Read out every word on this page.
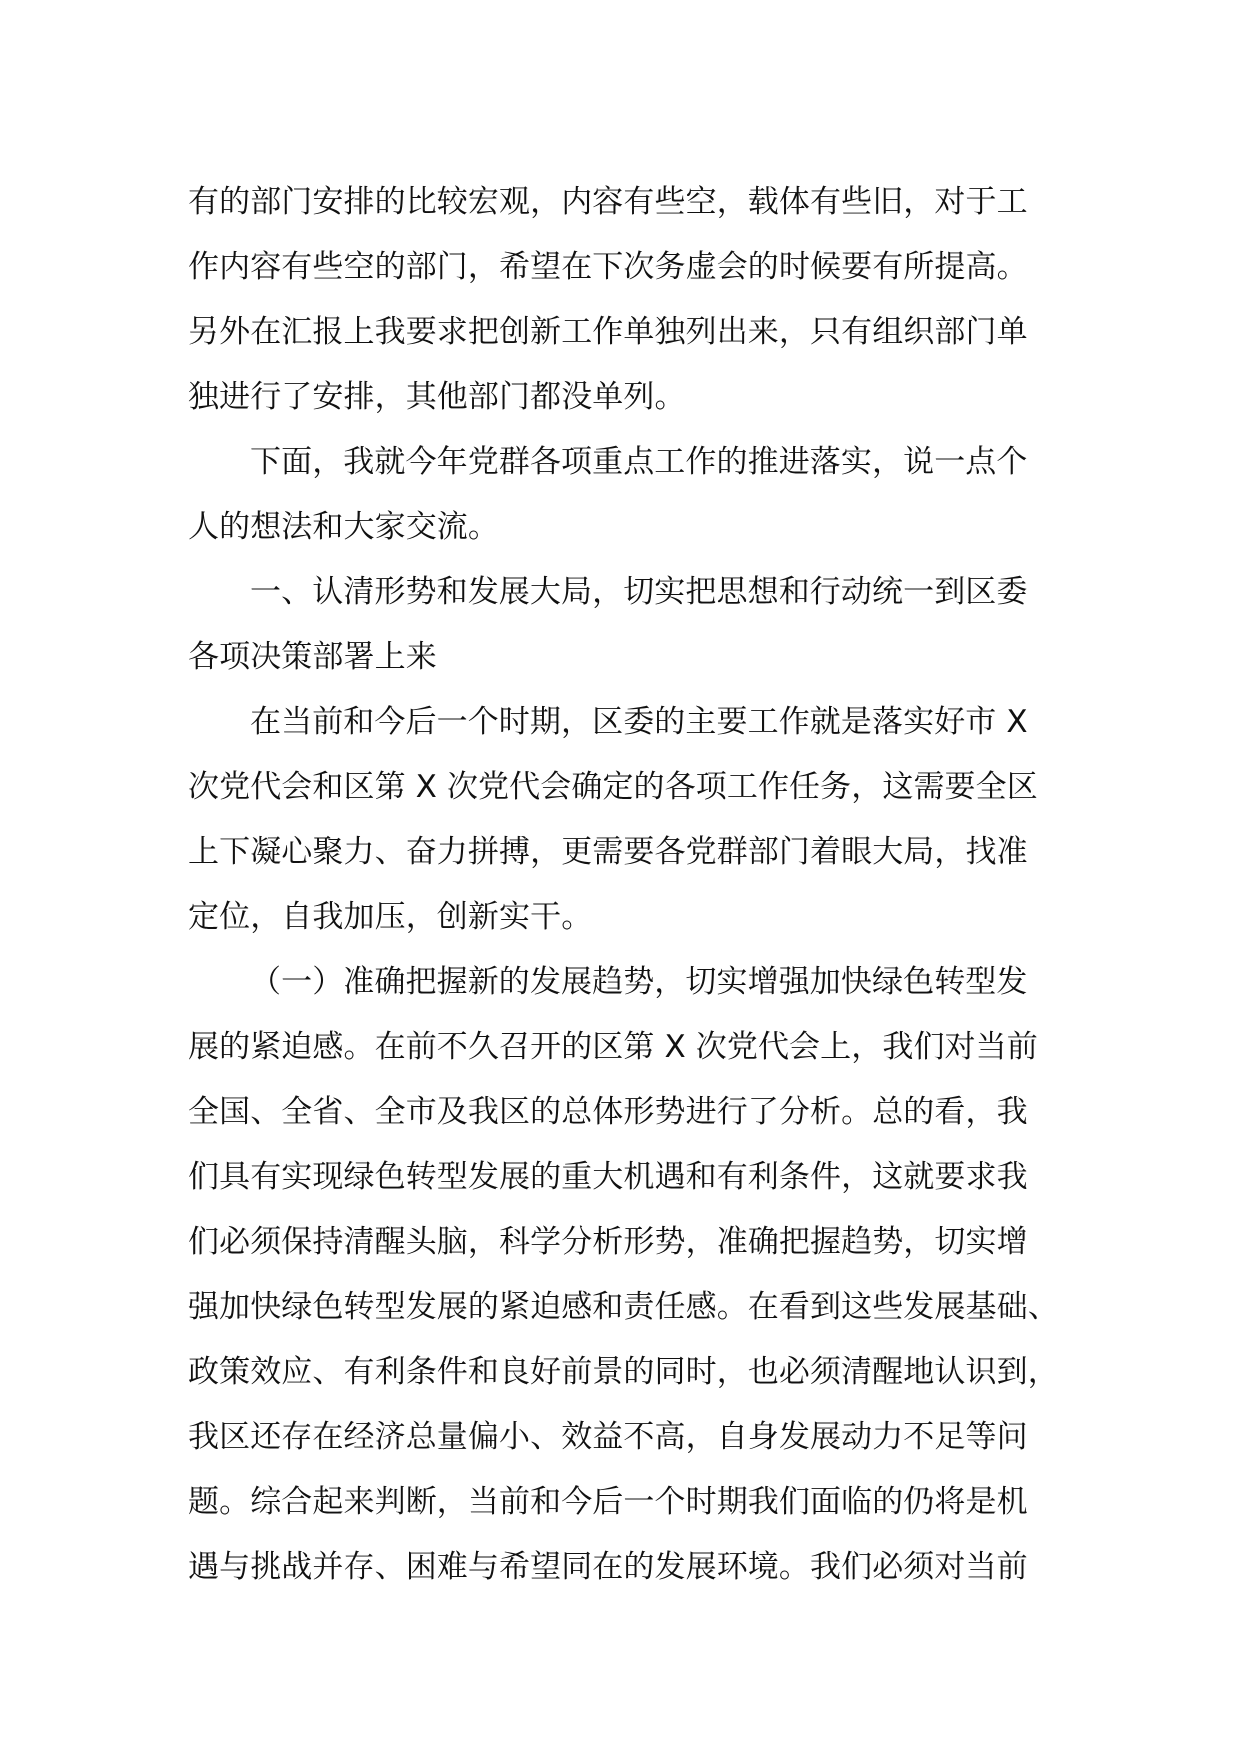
有的部门安排的比较宏观，内容有些空，载体有些旧，对于工
作内容有些空的部门，希望在下次务虚会的时候要有所提高。
另外在汇报上我要求把创新工作单独列出来，只有组织部门单
独进行了安排，其他部门都没单列。
下面，我就今年党群各项重点工作的推进落实，说一点个
人的想法和大家交流。
一、认清形势和发展大局，切实把思想和行动统一到区委
各项决策部署上来
在当前和今后一个时期，区委的主要工作就是落实好市 X
次党代会和区第 X 次党代会确定的各项工作任务，这需要全区
上下凝心聚力、奋力拼搏，更需要各党群部门着眼大局，找准
定位，自我加压，创新实干。
（一）准确把握新的发展趋势，切实增强加快绿色转型发
展的紧迫感。在前不久召开的区第 X 次党代会上，我们对当前
全国、全省、全市及我区的总体形势进行了分析。总的看，我
们具有实现绿色转型发展的重大机遇和有利条件，这就要求我
们必须保持清醒头脑，科学分析形势，准确把握趋势，切实增
强加快绿色转型发展的紧迫感和责任感。在看到这些发展基础、
政策效应、有利条件和良好前景的同时，也必须清醒地认识到，
我区还存在经济总量偏小、效益不高，自身发展动力不足等问
题。综合起来判断，当前和今后一个时期我们面临的仍将是机
遇与挑战并存、困难与希望同在的发展环境。我们必须对当前
